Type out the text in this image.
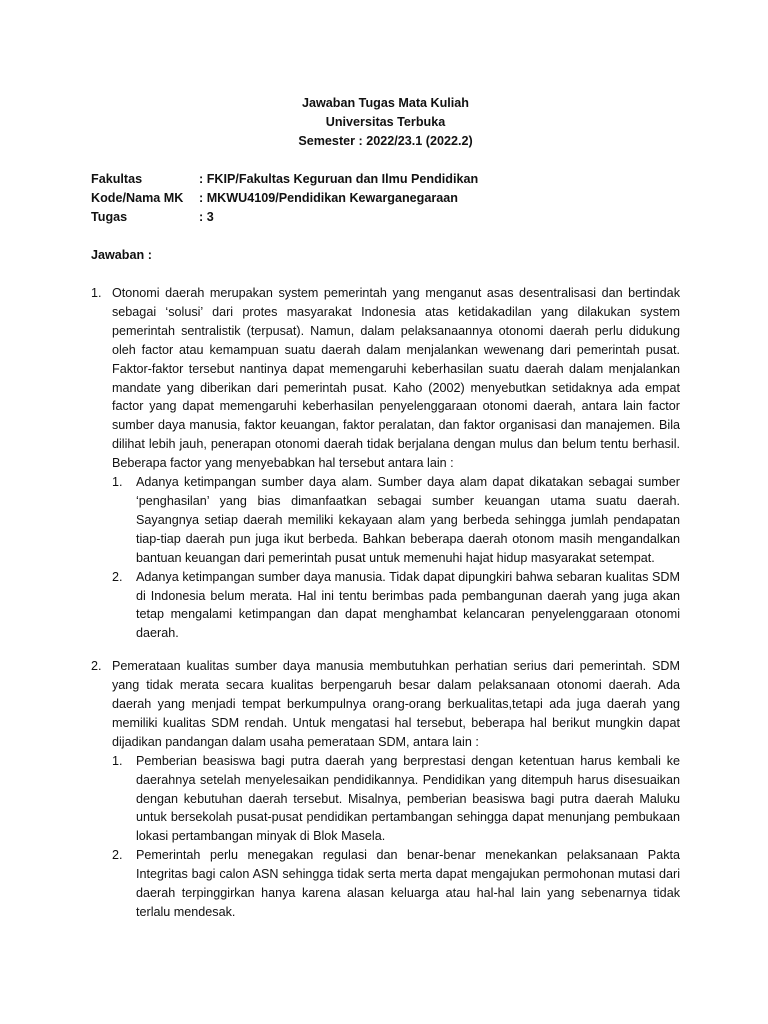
Jawaban Tugas Mata Kuliah
Universitas Terbuka
Semester : 2022/23.1 (2022.2)
Fakultas	: FKIP/Fakultas Keguruan dan Ilmu Pendidikan
Kode/Nama MK	: MKWU4109/Pendidikan Kewarganegaraan
Tugas	: 3
Jawaban :
1. Otonomi daerah merupakan system pemerintah yang menganut asas desentralisasi dan bertindak sebagai ‘solusi’ dari protes masyarakat Indonesia atas ketidakadilan yang dilakukan system pemerintah sentralistik (terpusat). Namun, dalam pelaksanaannya otonomi daerah perlu didukung oleh factor atau kemampuan suatu daerah dalam menjalankan wewenang dari pemerintah pusat. Faktor-faktor tersebut nantinya dapat memengaruhi keberhasilan suatu daerah dalam menjalankan mandate yang diberikan dari pemerintah pusat. Kaho (2002) menyebutkan setidaknya ada empat factor yang dapat memengaruhi keberhasilan penyelenggaraan otonomi daerah, antara lain factor sumber daya manusia, faktor keuangan, faktor peralatan, dan faktor organisasi dan manajemen. Bila dilihat lebih jauh, penerapan otonomi daerah tidak berjalana dengan mulus dan belum tentu berhasil. Beberapa factor yang menyebabkan hal tersebut antara lain :
1. Adanya ketimpangan sumber daya alam. Sumber daya alam dapat dikatakan sebagai sumber ‘penghasilan’ yang bias dimanfaatkan sebagai sumber keuangan utama suatu daerah. Sayangnya setiap daerah memiliki kekayaan alam yang berbeda sehingga jumlah pendapatan tiap-tiap daerah pun juga ikut berbeda. Bahkan beberapa daerah otonom masih mengandalkan bantuan keuangan dari pemerintah pusat untuk memenuhi hajat hidup masyarakat setempat.
2. Adanya ketimpangan sumber daya manusia. Tidak dapat dipungkiri bahwa sebaran kualitas SDM di Indonesia belum merata. Hal ini tentu berimbas pada pembangunan daerah yang juga akan tetap mengalami ketimpangan dan dapat menghambat kelancaran penyelenggaraan otonomi daerah.
2. Pemerataan kualitas sumber daya manusia membutuhkan perhatian serius dari pemerintah. SDM yang tidak merata secara kualitas berpengaruh besar dalam pelaksanaan otonomi daerah. Ada daerah yang menjadi tempat berkumpulnya orang-orang berkualitas,tetapi ada juga daerah yang memiliki kualitas SDM rendah. Untuk mengatasi hal tersebut, beberapa hal berikut mungkin dapat dijadikan pandangan dalam usaha pemerataan SDM, antara lain :
1. Pemberian beasiswa bagi putra daerah yang berprestasi dengan ketentuan harus kembali ke daerahnya setelah menyelesaikan pendidikannya. Pendidikan yang ditempuh harus disesuaikan dengan kebutuhan daerah tersebut. Misalnya, pemberian beasiswa bagi putra daerah Maluku untuk bersekolah pusat-pusat pendidikan pertambangan sehingga dapat menunjang pembukaan lokasi pertambangan minyak di Blok Masela.
2. Pemerintah perlu menegakan regulasi dan benar-benar menekankan pelaksanaan Pakta Integritas bagi calon ASN sehingga tidak serta merta dapat mengajukan permohonan mutasi dari daerah terpinggirkan hanya karena alasan keluarga atau hal-hal lain yang sebenarnya tidak terlalu mendesak.
